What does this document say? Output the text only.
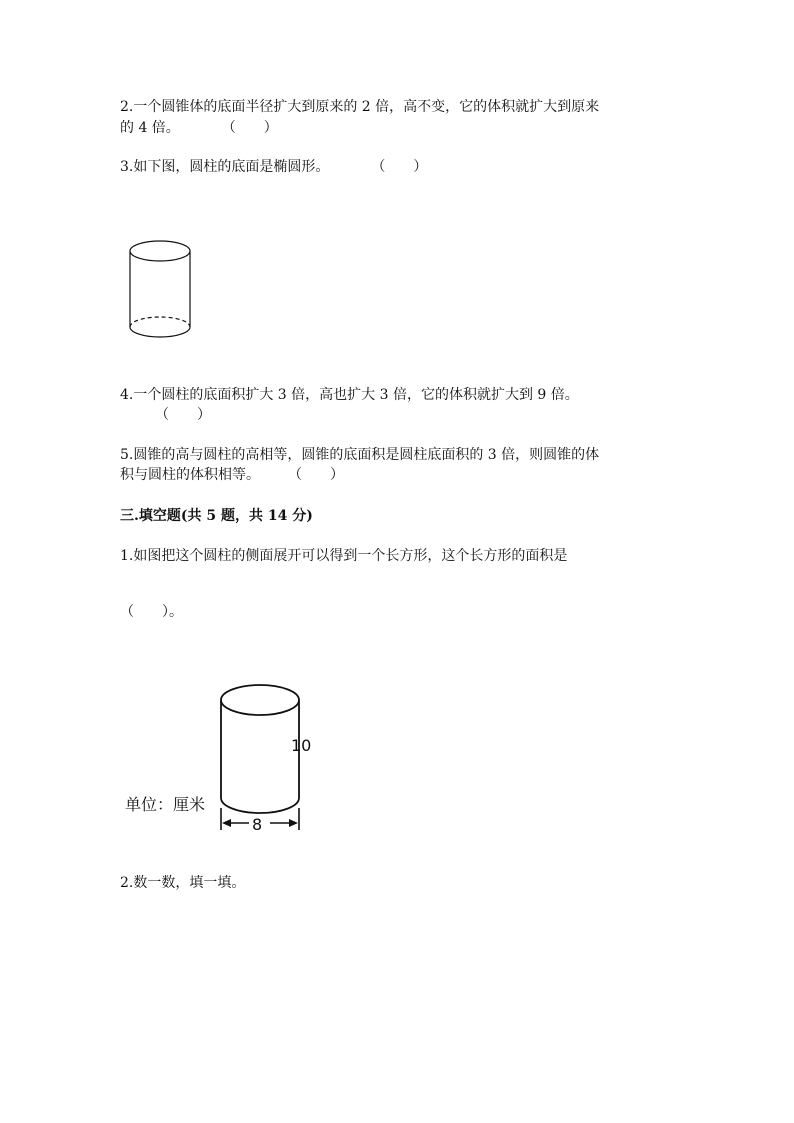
2.一个圆锥体的底面半径扩大到原来的 2 倍，高不变，它的体积就扩大到原来
的 4 倍。　　　　（　　）
3.如下图，圆柱的底面是椭圆形。　　　　（　　）
4.一个圆柱的底面积扩大 3 倍，高也扩大 3 倍，它的体积就扩大到 9 倍。
　　　（　　）
5.圆锥的高与圆柱的高相等，圆锥的底面积是圆柱底面积的 3 倍，则圆锥的体
积与圆柱的体积相等。　　　（　　）
三.填空题(共 5 题，共 14 分)
1.如图把这个圆柱的侧面展开可以得到一个长方形，这个长方形的面积是
（　　）。
10
单位：厘米
8
2.数一数，填一填。
